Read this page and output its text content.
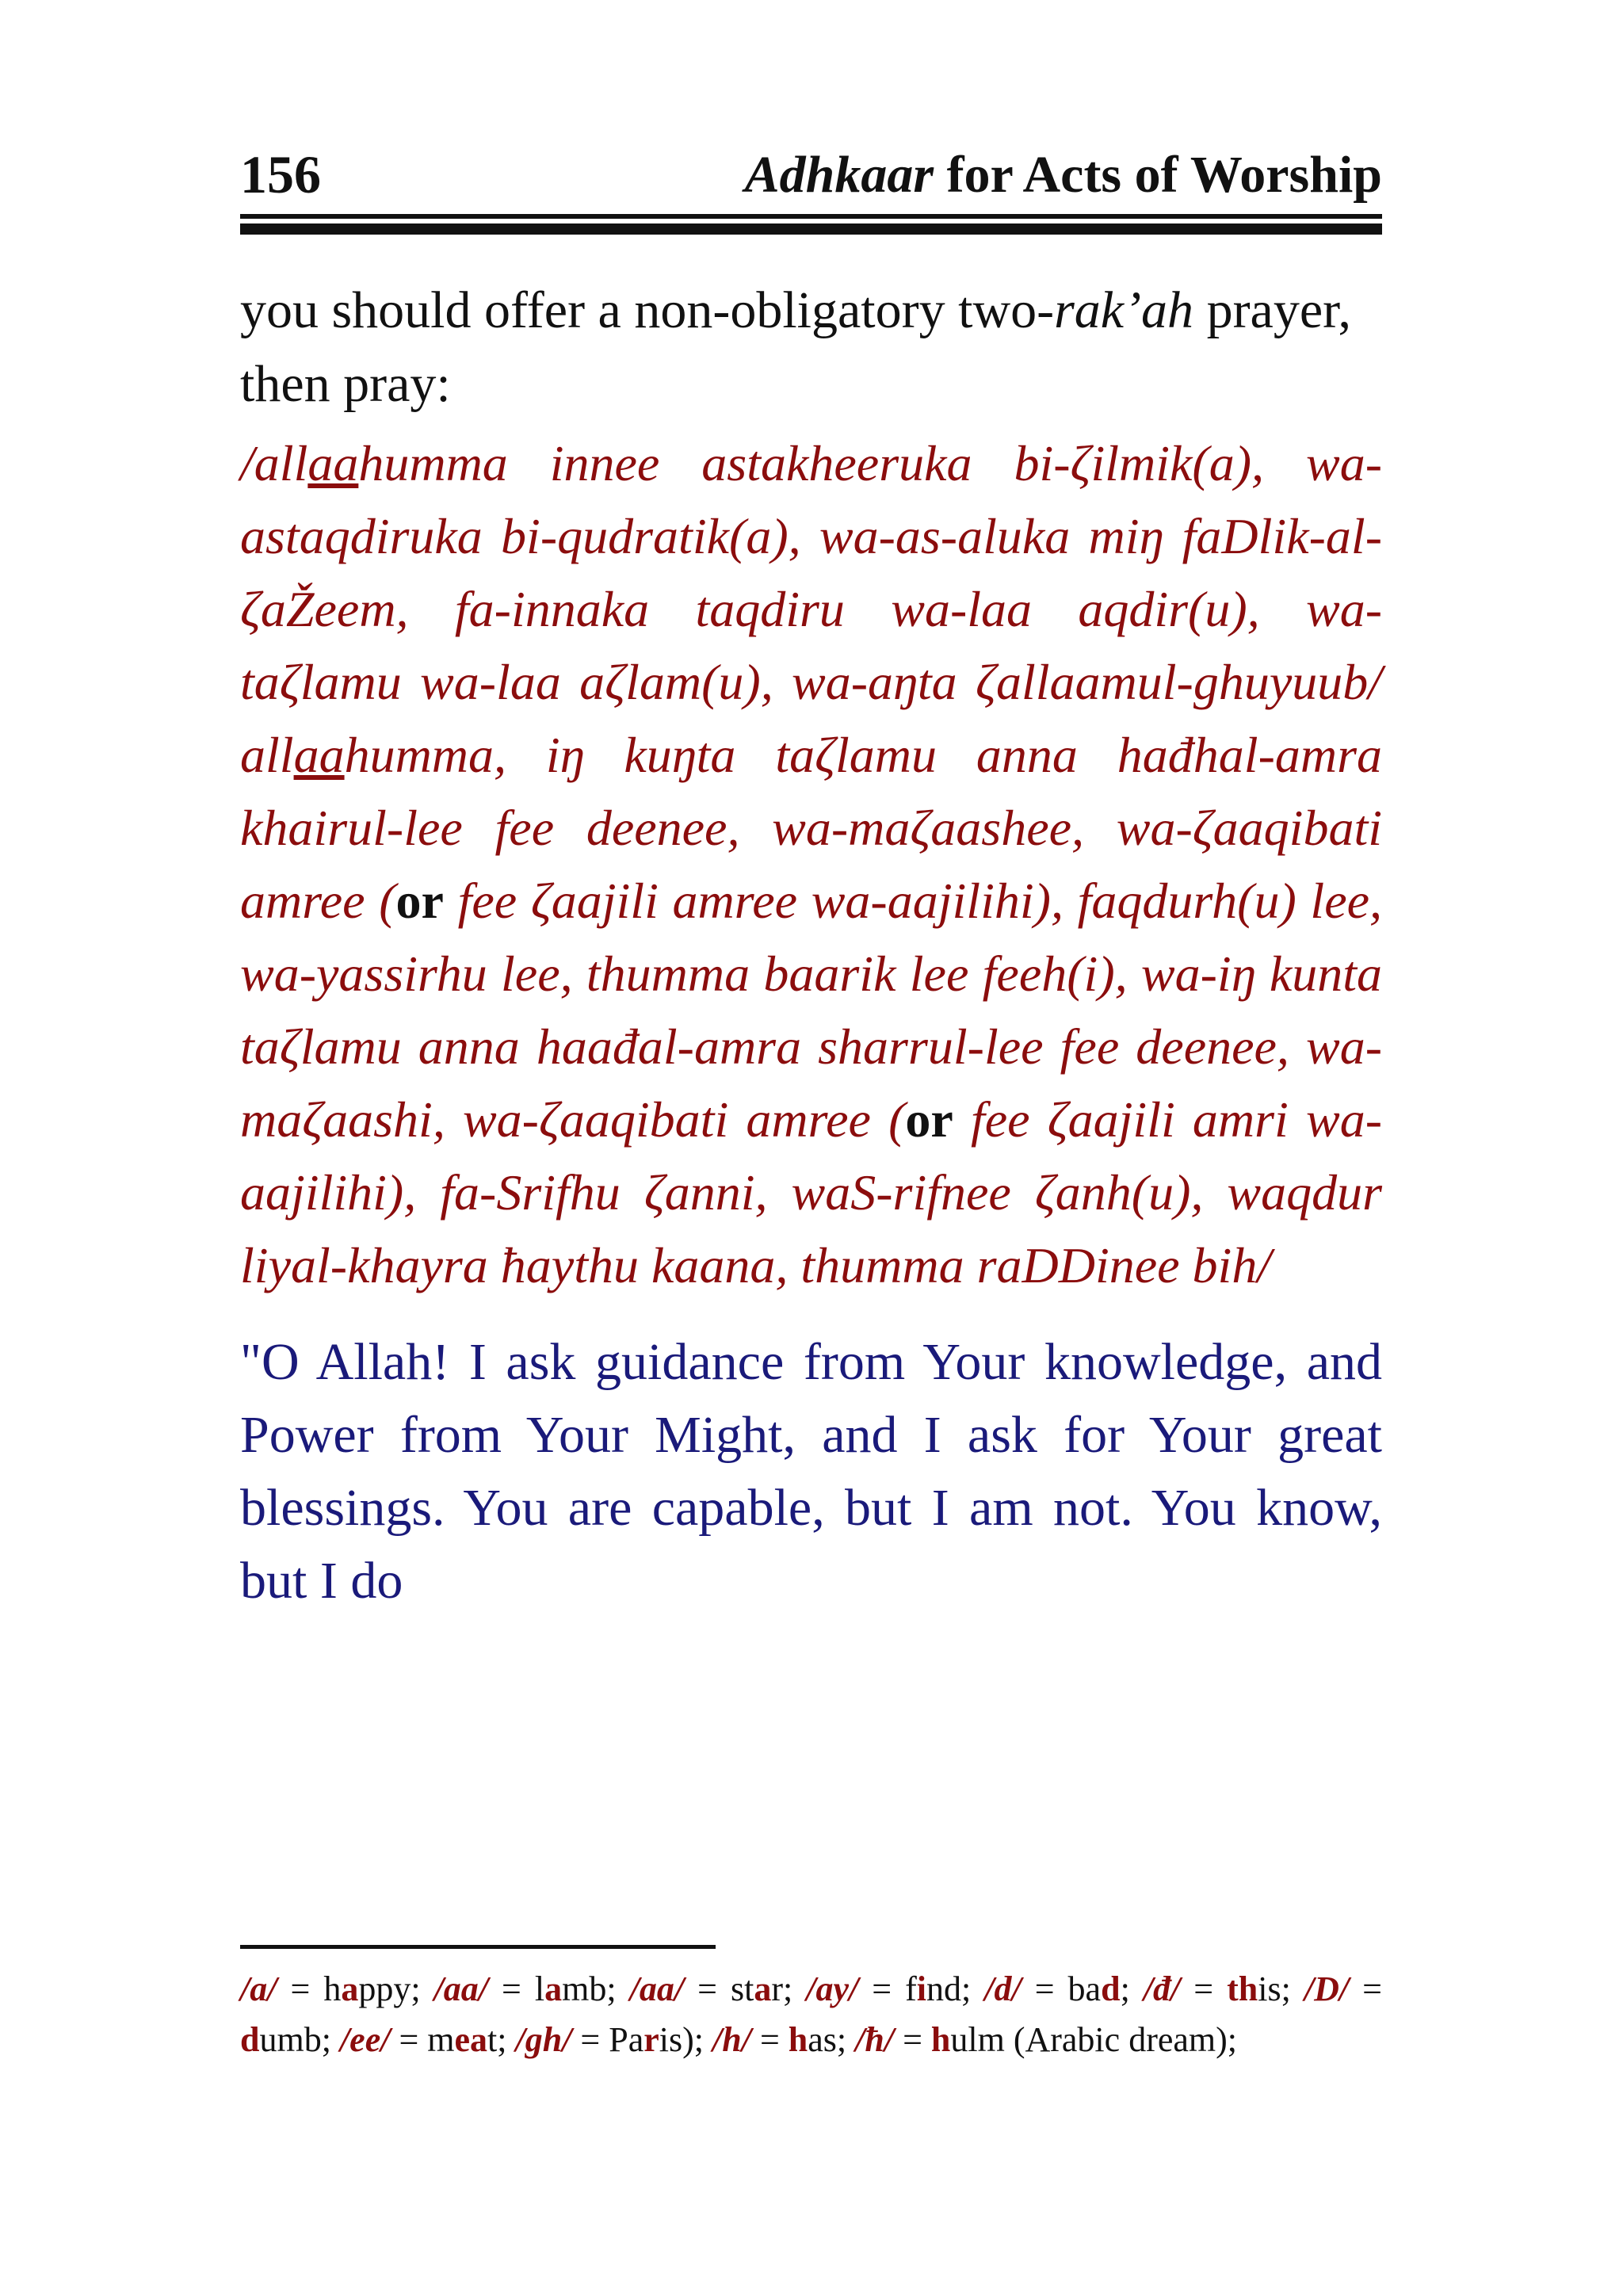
156	Adhkaar for Acts of Worship

you should offer a non-obligatory two-rak’ah prayer, then pray:

/allaahumma innee astakheeruka bi-ζilmik(a), wa-astaqdiruka bi-qudratik(a), wa-as-aluka miŋ faDlik-al-ζaŽeem, fa-innaka taqdiru wa-laa aqdir(u), wa- taζlamu wa-laa aζlam(u), wa-aŋta ζallaamul-ghuyuub/ allaahumma, iŋ kuŋta taζlamu anna hađhal-amra khairul-lee fee deenee, wa-maζaashee, wa-ζaaqibati amree (or fee ζaajili amree wa-aajilihi), faqdurh(u) lee, wa-yassirhu lee, thumma baarik lee feeh(i), wa-iŋ kunta taζlamu anna haađal-amra sharrul-lee fee deenee, wa-maζaashi, wa-ζaaqibati amree (or fee ζaajili amri wa-aajilihi), fa-Srifhu ζanni, waS-rifnee ζanh(u), waqdur liyal-khayra ħaythu kaana, thumma raDDinee bih/

"O Allah! I ask guidance from Your knowledge, and Power from Your Might, and I ask for Your great blessings. You are capable, but I am not. You know, but I do

/a/ = happy; /aa/ = lamb; /aa/ = star; /ay/ = find; /d/ = bad; /đ/ = this; /D/ = dumb; /ee/ = meat; /gh/ = Paris); /h/ = has; /ħ/ = hulm (Arabic dream);
